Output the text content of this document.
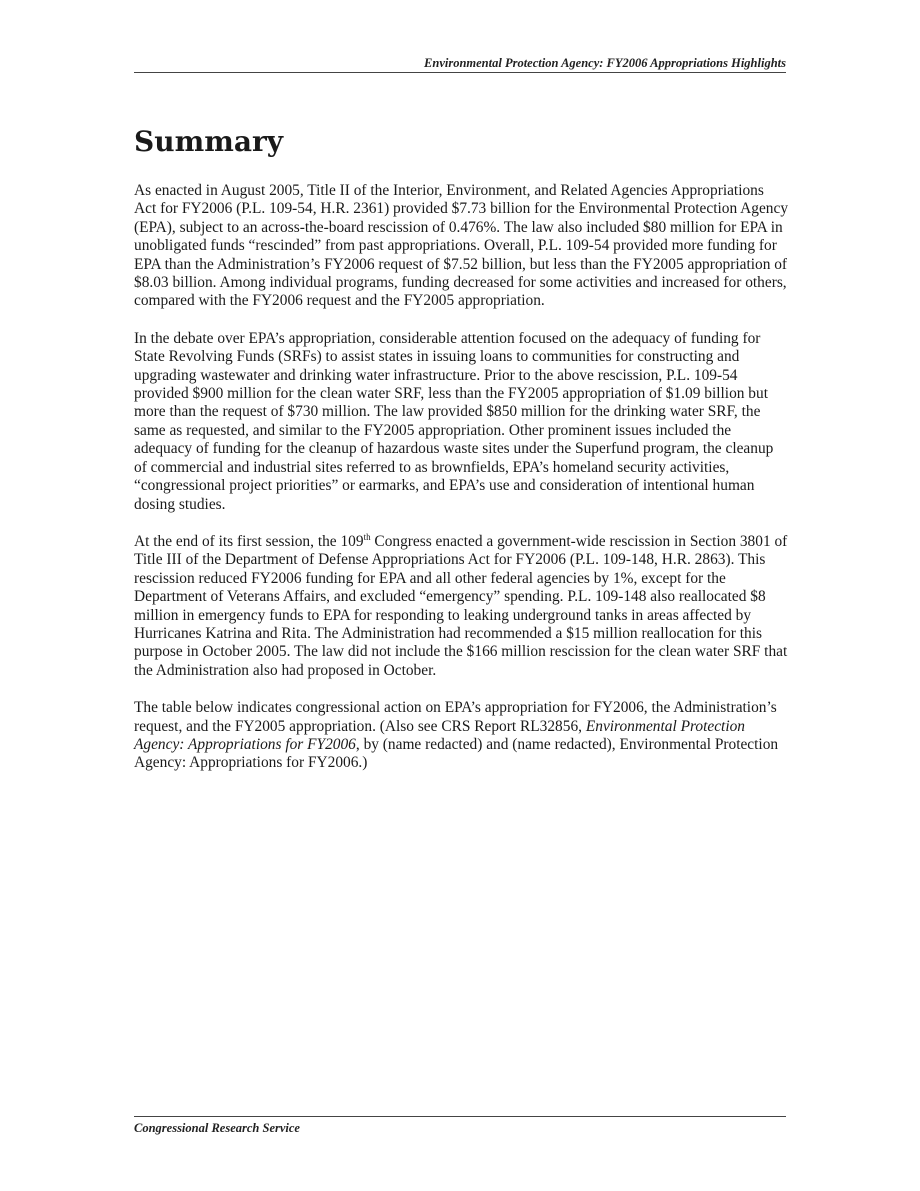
Environmental Protection Agency: FY2006 Appropriations Highlights
Summary

As enacted in August 2005, Title II of the Interior, Environment, and Related Agencies Appropriations Act for FY2006 (P.L. 109-54, H.R. 2361) provided $7.73 billion for the Environmental Protection Agency (EPA), subject to an across-the-board rescission of 0.476%. The law also included $80 million for EPA in unobligated funds “rescinded” from past appropriations. Overall, P.L. 109-54 provided more funding for EPA than the Administration’s FY2006 request of $7.52 billion, but less than the FY2005 appropriation of $8.03 billion. Among individual programs, funding decreased for some activities and increased for others, compared with the FY2006 request and the FY2005 appropriation.

In the debate over EPA’s appropriation, considerable attention focused on the adequacy of funding for State Revolving Funds (SRFs) to assist states in issuing loans to communities for constructing and upgrading wastewater and drinking water infrastructure. Prior to the above rescission, P.L. 109-54 provided $900 million for the clean water SRF, less than the FY2005 appropriation of $1.09 billion but more than the request of $730 million. The law provided $850 million for the drinking water SRF, the same as requested, and similar to the FY2005 appropriation. Other prominent issues included the adequacy of funding for the cleanup of hazardous waste sites under the Superfund program, the cleanup of commercial and industrial sites referred to as brownfields, EPA’s homeland security activities, “congressional project priorities” or earmarks, and EPA’s use and consideration of intentional human dosing studies.

At the end of its first session, the 109th Congress enacted a government-wide rescission in Section 3801 of Title III of the Department of Defense Appropriations Act for FY2006 (P.L. 109-148, H.R. 2863). This rescission reduced FY2006 funding for EPA and all other federal agencies by 1%, except for the Department of Veterans Affairs, and excluded “emergency” spending. P.L. 109-148 also reallocated $8 million in emergency funds to EPA for responding to leaking underground tanks in areas affected by Hurricanes Katrina and Rita. The Administration had recommended a $15 million reallocation for this purpose in October 2005. The law did not include the $166 million rescission for the clean water SRF that the Administration also had proposed in October.

The table below indicates congressional action on EPA’s appropriation for FY2006, the Administration’s request, and the FY2005 appropriation. (Also see CRS Report RL32856, Environmental Protection Agency: Appropriations for FY2006, by (name redacted) and (name redacted), Environmental Protection Agency: Appropriations for FY2006.)

Congressional Research Service
